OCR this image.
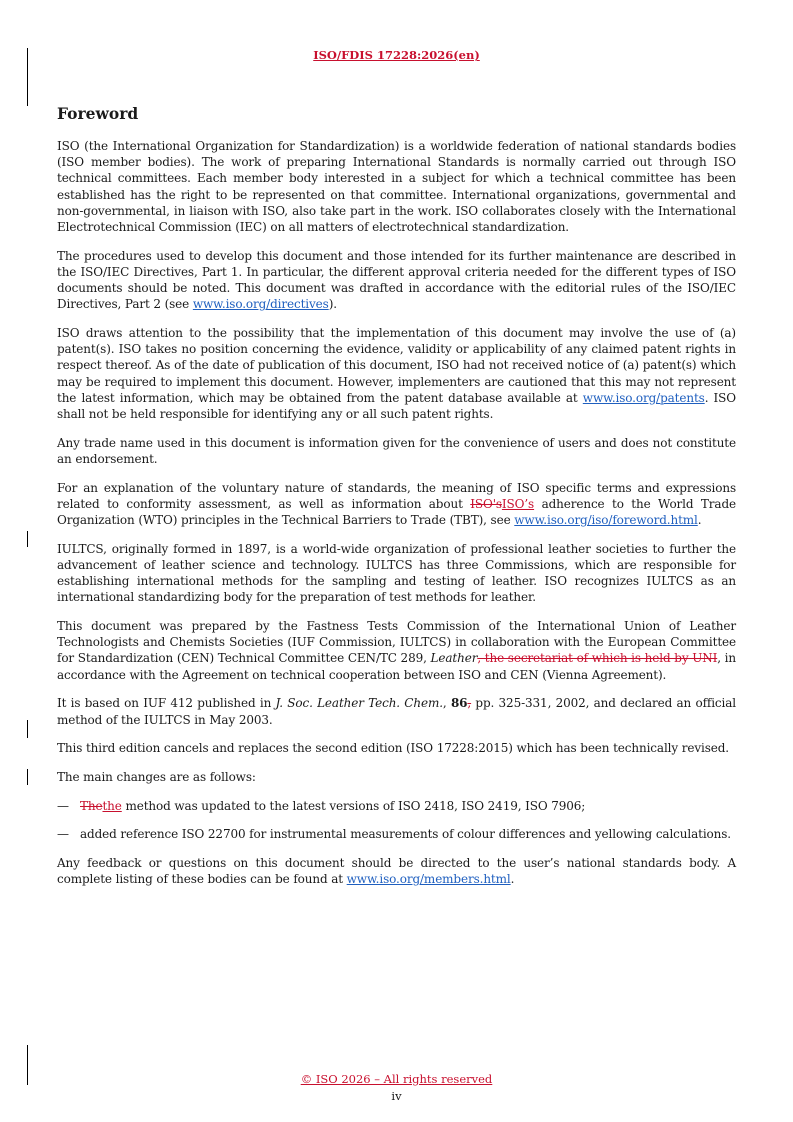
ISO/FDIS 17228:2026(en)
Foreword

ISO (the International Organization for Standardization) is a worldwide federation of national standards bodies (ISO member bodies). The work of preparing International Standards is normally carried out through ISO technical committees. Each member body interested in a subject for which a technical committee has been established has the right to be represented on that committee. International organizations, governmental and non-governmental, in liaison with ISO, also take part in the work. ISO collaborates closely with the International Electrotechnical Commission (IEC) on all matters of electrotechnical standardization.

The procedures used to develop this document and those intended for its further maintenance are described in the ISO/IEC Directives, Part 1. In particular, the different approval criteria needed for the different types of ISO documents should be noted. This document was drafted in accordance with the editorial rules of the ISO/IEC Directives, Part 2 (see www.iso.org/directives).

ISO draws attention to the possibility that the implementation of this document may involve the use of (a) patent(s). ISO takes no position concerning the evidence, validity or applicability of any claimed patent rights in respect thereof. As of the date of publication of this document, ISO had not received notice of (a) patent(s) which may be required to implement this document. However, implementers are cautioned that this may not represent the latest information, which may be obtained from the patent database available at www.iso.org/patents. ISO shall not be held responsible for identifying any or all such patent rights.

Any trade name used in this document is information given for the convenience of users and does not constitute an endorsement.

For an explanation of the voluntary nature of standards, the meaning of ISO specific terms and expressions related to conformity assessment, as well as information about ISO'sISO’s adherence to the World Trade Organization (WTO) principles in the Technical Barriers to Trade (TBT), see www.iso.org/iso/foreword.html.

IULTCS, originally formed in 1897, is a world-wide organization of professional leather societies to further the advancement of leather science and technology. IULTCS has three Commissions, which are responsible for establishing international methods for the sampling and testing of leather. ISO recognizes IULTCS as an international standardizing body for the preparation of test methods for leather.

This document was prepared by the Fastness Tests Commission of the International Union of Leather Technologists and Chemists Societies (IUF Commission, IULTCS) in collaboration with the European Committee for Standardization (CEN) Technical Committee CEN/TC 289, Leather, the secretariat of which is held by UNI, in accordance with the Agreement on technical cooperation between ISO and CEN (Vienna Agreement).

It is based on IUF 412 published in J. Soc. Leather Tech. Chem., 86, pp. 325-331, 2002, and declared an official method of the IULTCS in May 2003.

This third edition cancels and replaces the second edition (ISO 17228:2015) which has been technically revised.

The main changes are as follows:

— Thethe method was updated to the latest versions of ISO 2418, ISO 2419, ISO 7906;

— added reference ISO 22700 for instrumental measurements of colour differences and yellowing calculations.

Any feedback or questions on this document should be directed to the user’s national standards body. A complete listing of these bodies can be found at www.iso.org/members.html.

© ISO 2026 – All rights reserved
iv
